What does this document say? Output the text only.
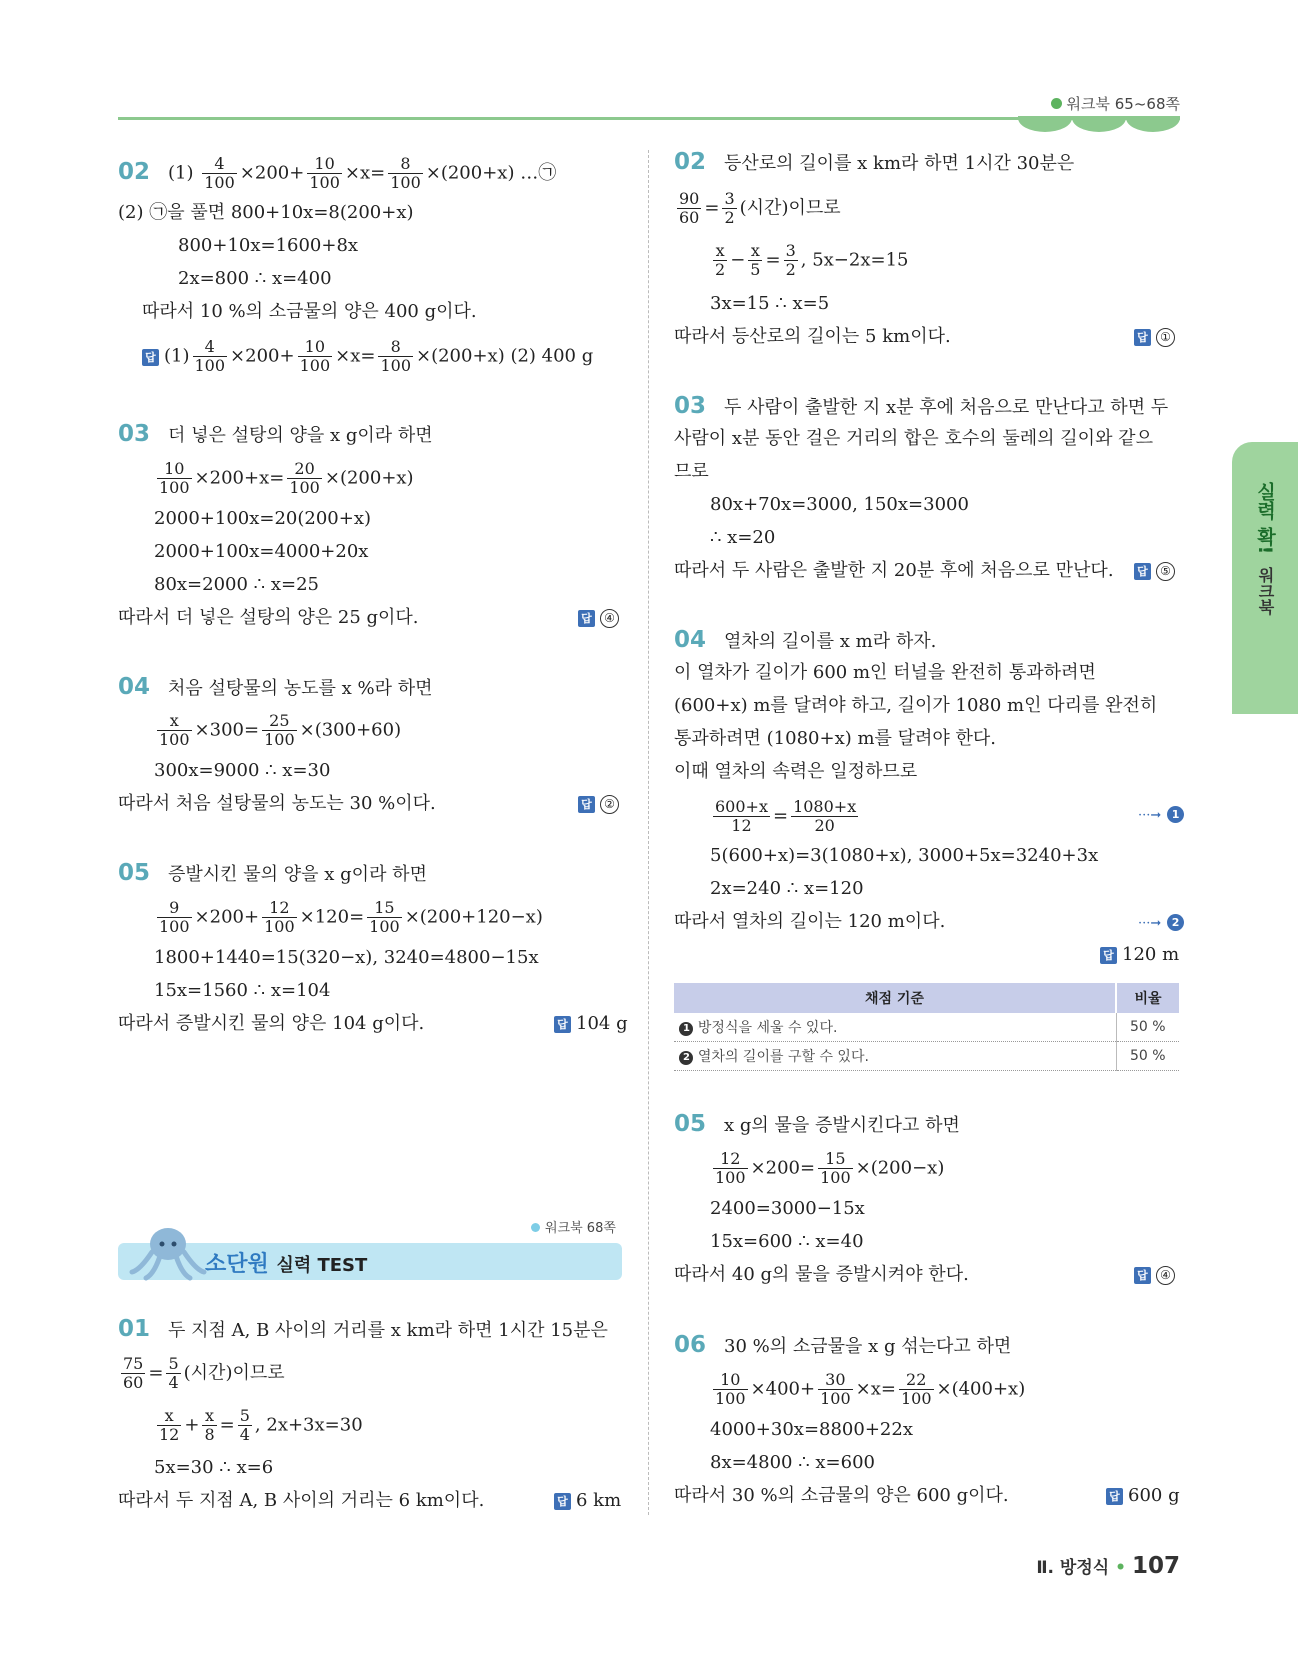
워크북 65~68쪽
실력 확! 워크북
02 $(1) \frac{4}{100} \times 200+ \frac{10}{100} \times x= \frac{8}{100} \times(200+x)$ …㉠
(2) ㉠을 풀면 800+10x=8(200+x)
800+10x=1600+8x
2x=800 ∴ x=400
따라서 10 %의 소금물의 양은 400 g이다.
답 $(1) \frac{4}{100} \times 200+ \frac{10}{100} \times x= \frac{8}{100} \times(200+x)$ (2) 400 g
03 더 넣은 설탕의 양을 x g이라 하면
$\frac{10}{100} \times 200+x= \frac{20}{100} \times(200+x)$
2000+100x=20(200+x)
2000+100x=4000+20x
80x=2000 ∴ x=25
따라서 더 넣은 설탕의 양은 25 g이다.	답 ④
04 처음 설탕물의 농도를 x %라 하면
$\frac{x}{100} \times 300= \frac{25}{100} \times(300+60)$
300x=9000 ∴ x=30
따라서 처음 설탕물의 농도는 30 %이다.	답 ②
05 증발시킨 물의 양을 x g이라 하면
$\frac{9}{100} \times 200+ \frac{12}{100} \times 120= \frac{15}{100} \times(200+120-x)$
1800+1440=15(320−x), 3240=4800−15x
15x=1560 ∴ x=104
따라서 증발시킨 물의 양은 104 g이다.	답 104 g
워크북 68쪽
소단원 실력 TEST
01 두 지점 A, B 사이의 거리를 x km라 하면 1시간 15분은
$\frac{75}{60} = \frac{5}{4}$ (시간)이므로
$\frac{x}{12} + \frac{x}{8} = \frac{5}{4}$ , 2x+3x=30
5x=30 ∴ x=6
따라서 두 지점 A, B 사이의 거리는 6 km이다.	답 6 km
02 등산로의 길이를 x km라 하면 1시간 30분은
$\frac{90}{60} = \frac{3}{2}$ (시간)이므로
$\frac{x}{2} - \frac{x}{5} = \frac{3}{2}$ , 5x−2x=15
3x=15 ∴ x=5
따라서 등산로의 길이는 5 km이다.	답 ①
03 두 사람이 출발한 지 x분 후에 처음으로 만난다고 하면 두
사람이 x분 동안 걸은 거리의 합은 호수의 둘레의 길이와 같으
므로
80x+70x=3000, 150x=3000
∴ x=20
따라서 두 사람은 출발한 지 20분 후에 처음으로 만난다. 답 ⑤
04 열차의 길이를 x m라 하자.
이 열차가 길이가 600 m인 터널을 완전히 통과하려면
(600+x) m를 달려야 하고, 길이가 1080 m인 다리를 완전히
통과하려면 (1080+x) m를 달려야 한다.
이때 열차의 속력은 일정하므로
$\frac{600+x}{12} = \frac{1080+x}{20}$	···➞ 1
5(600+x)=3(1080+x), 3000+5x=3240+3x
2x=240 ∴ x=120
따라서 열차의 길이는 120 m이다.	···➞ 2
답 120 m
채점 기준	비율
1 방정식을 세울 수 있다.	50 %
2 열차의 길이를 구할 수 있다.	50 %
05 x g의 물을 증발시킨다고 하면
$\frac{12}{100} \times 200= \frac{15}{100} \times(200-x)$
2400=3000−15x
15x=600 ∴ x=40
따라서 40 g의 물을 증발시켜야 한다.	답 ④
06 30 %의 소금물을 x g 섞는다고 하면
$\frac{10}{100} \times 400+ \frac{30}{100} \times x= \frac{22}{100} \times(400+x)$
4000+30x=8800+22x
8x=4800 ∴ x=600
따라서 30 %의 소금물의 양은 600 g이다.	답 600 g
Ⅱ. 방정식 • 107
